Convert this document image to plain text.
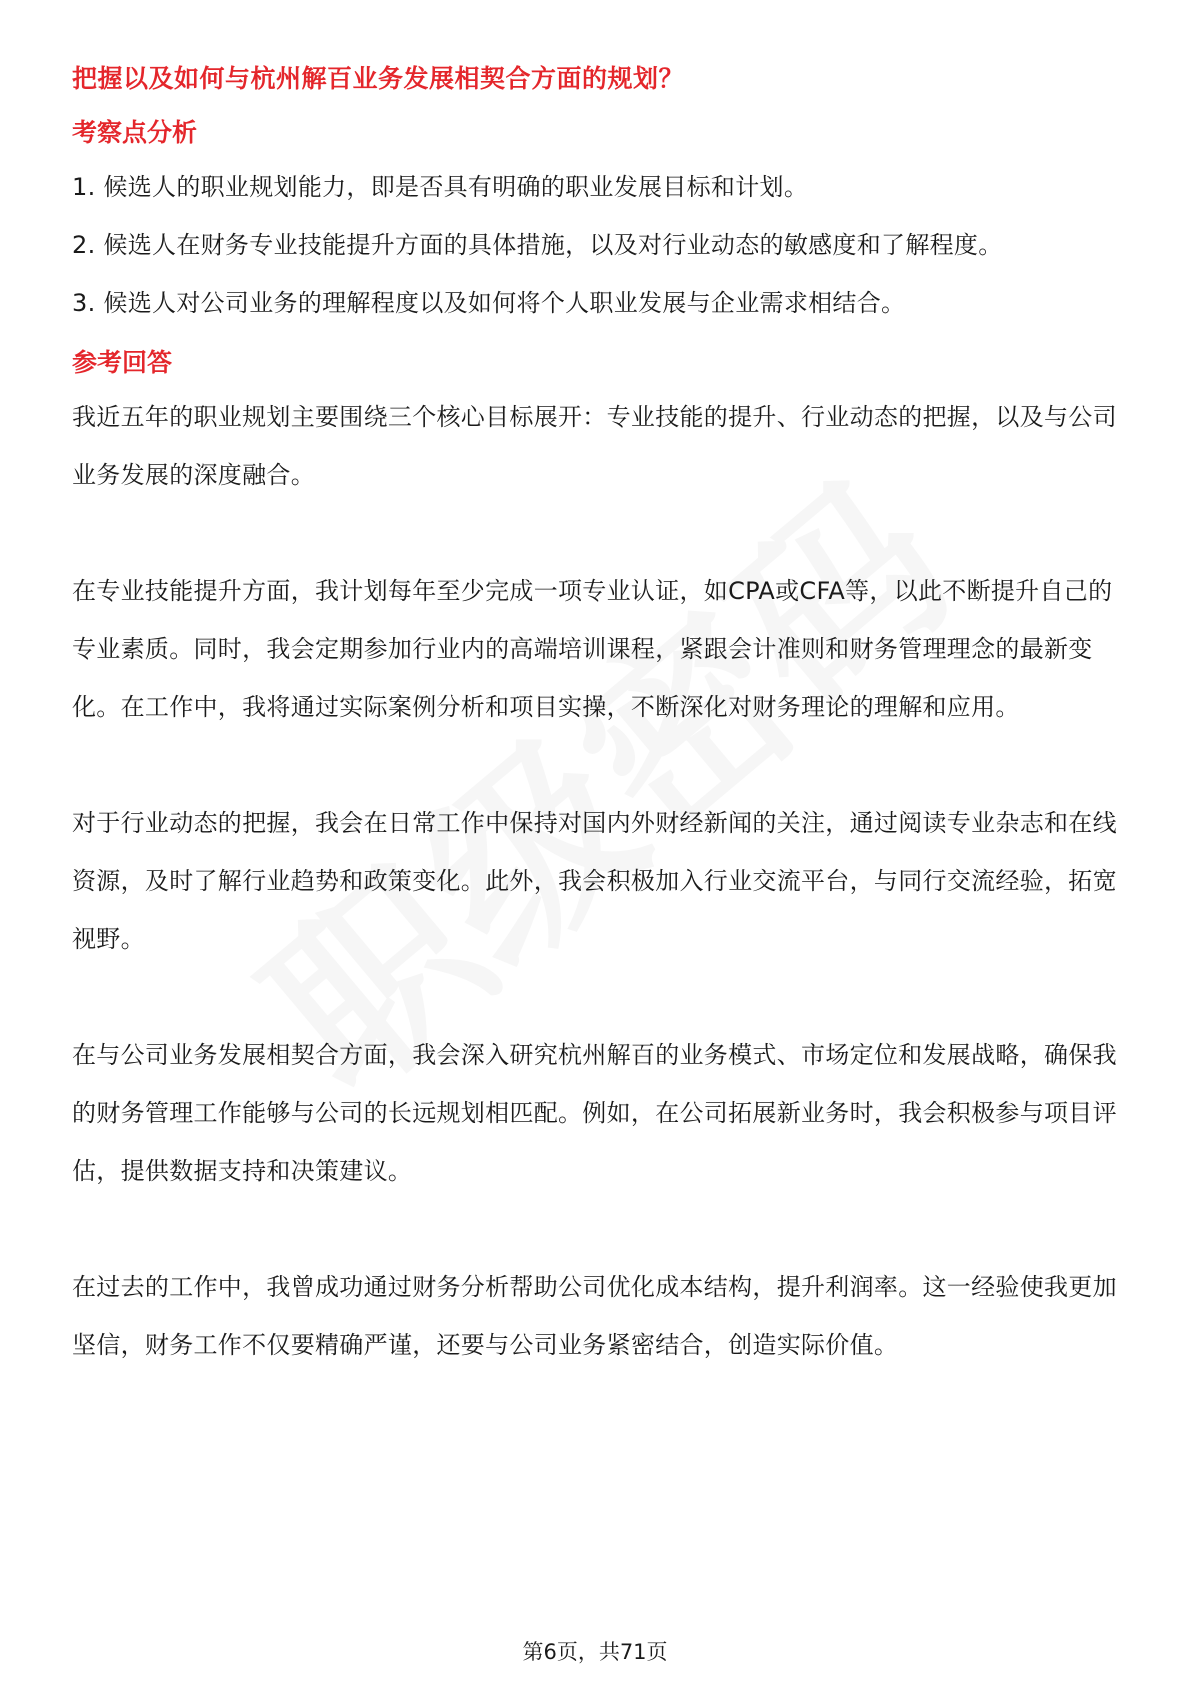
把握以及如何与杭州解百业务发展相契合方面的规划？

考察点分析

1. 候选人的职业规划能力，即是否具有明确的职业发展目标和计划。

2. 候选人在财务专业技能提升方面的具体措施，以及对行业动态的敏感度和了解程度。

3. 候选人对公司业务的理解程度以及如何将个人职业发展与企业需求相结合。

参考回答

我近五年的职业规划主要围绕三个核心目标展开：专业技能的提升、行业动态的把握，以及与公司业务发展的深度融合。

在专业技能提升方面，我计划每年至少完成一项专业认证，如CPA或CFA等，以此不断提升自己的专业素质。同时，我会定期参加行业内的高端培训课程，紧跟会计准则和财务管理理念的最新变化。在工作中，我将通过实际案例分析和项目实操，不断深化对财务理论的理解和应用。

对于行业动态的把握，我会在日常工作中保持对国内外财经新闻的关注，通过阅读专业杂志和在线资源，及时了解行业趋势和政策变化。此外，我会积极加入行业交流平台，与同行交流经验，拓宽视野。

在与公司业务发展相契合方面，我会深入研究杭州解百的业务模式、市场定位和发展战略，确保我的财务管理工作能够与公司的长远规划相匹配。例如，在公司拓展新业务时，我会积极参与项目评估，提供数据支持和决策建议。

在过去的工作中，我曾成功通过财务分析帮助公司优化成本结构，提升利润率。这一经验使我更加坚信，财务工作不仅要精确严谨，还要与公司业务紧密结合，创造实际价值。

第6页，共71页
